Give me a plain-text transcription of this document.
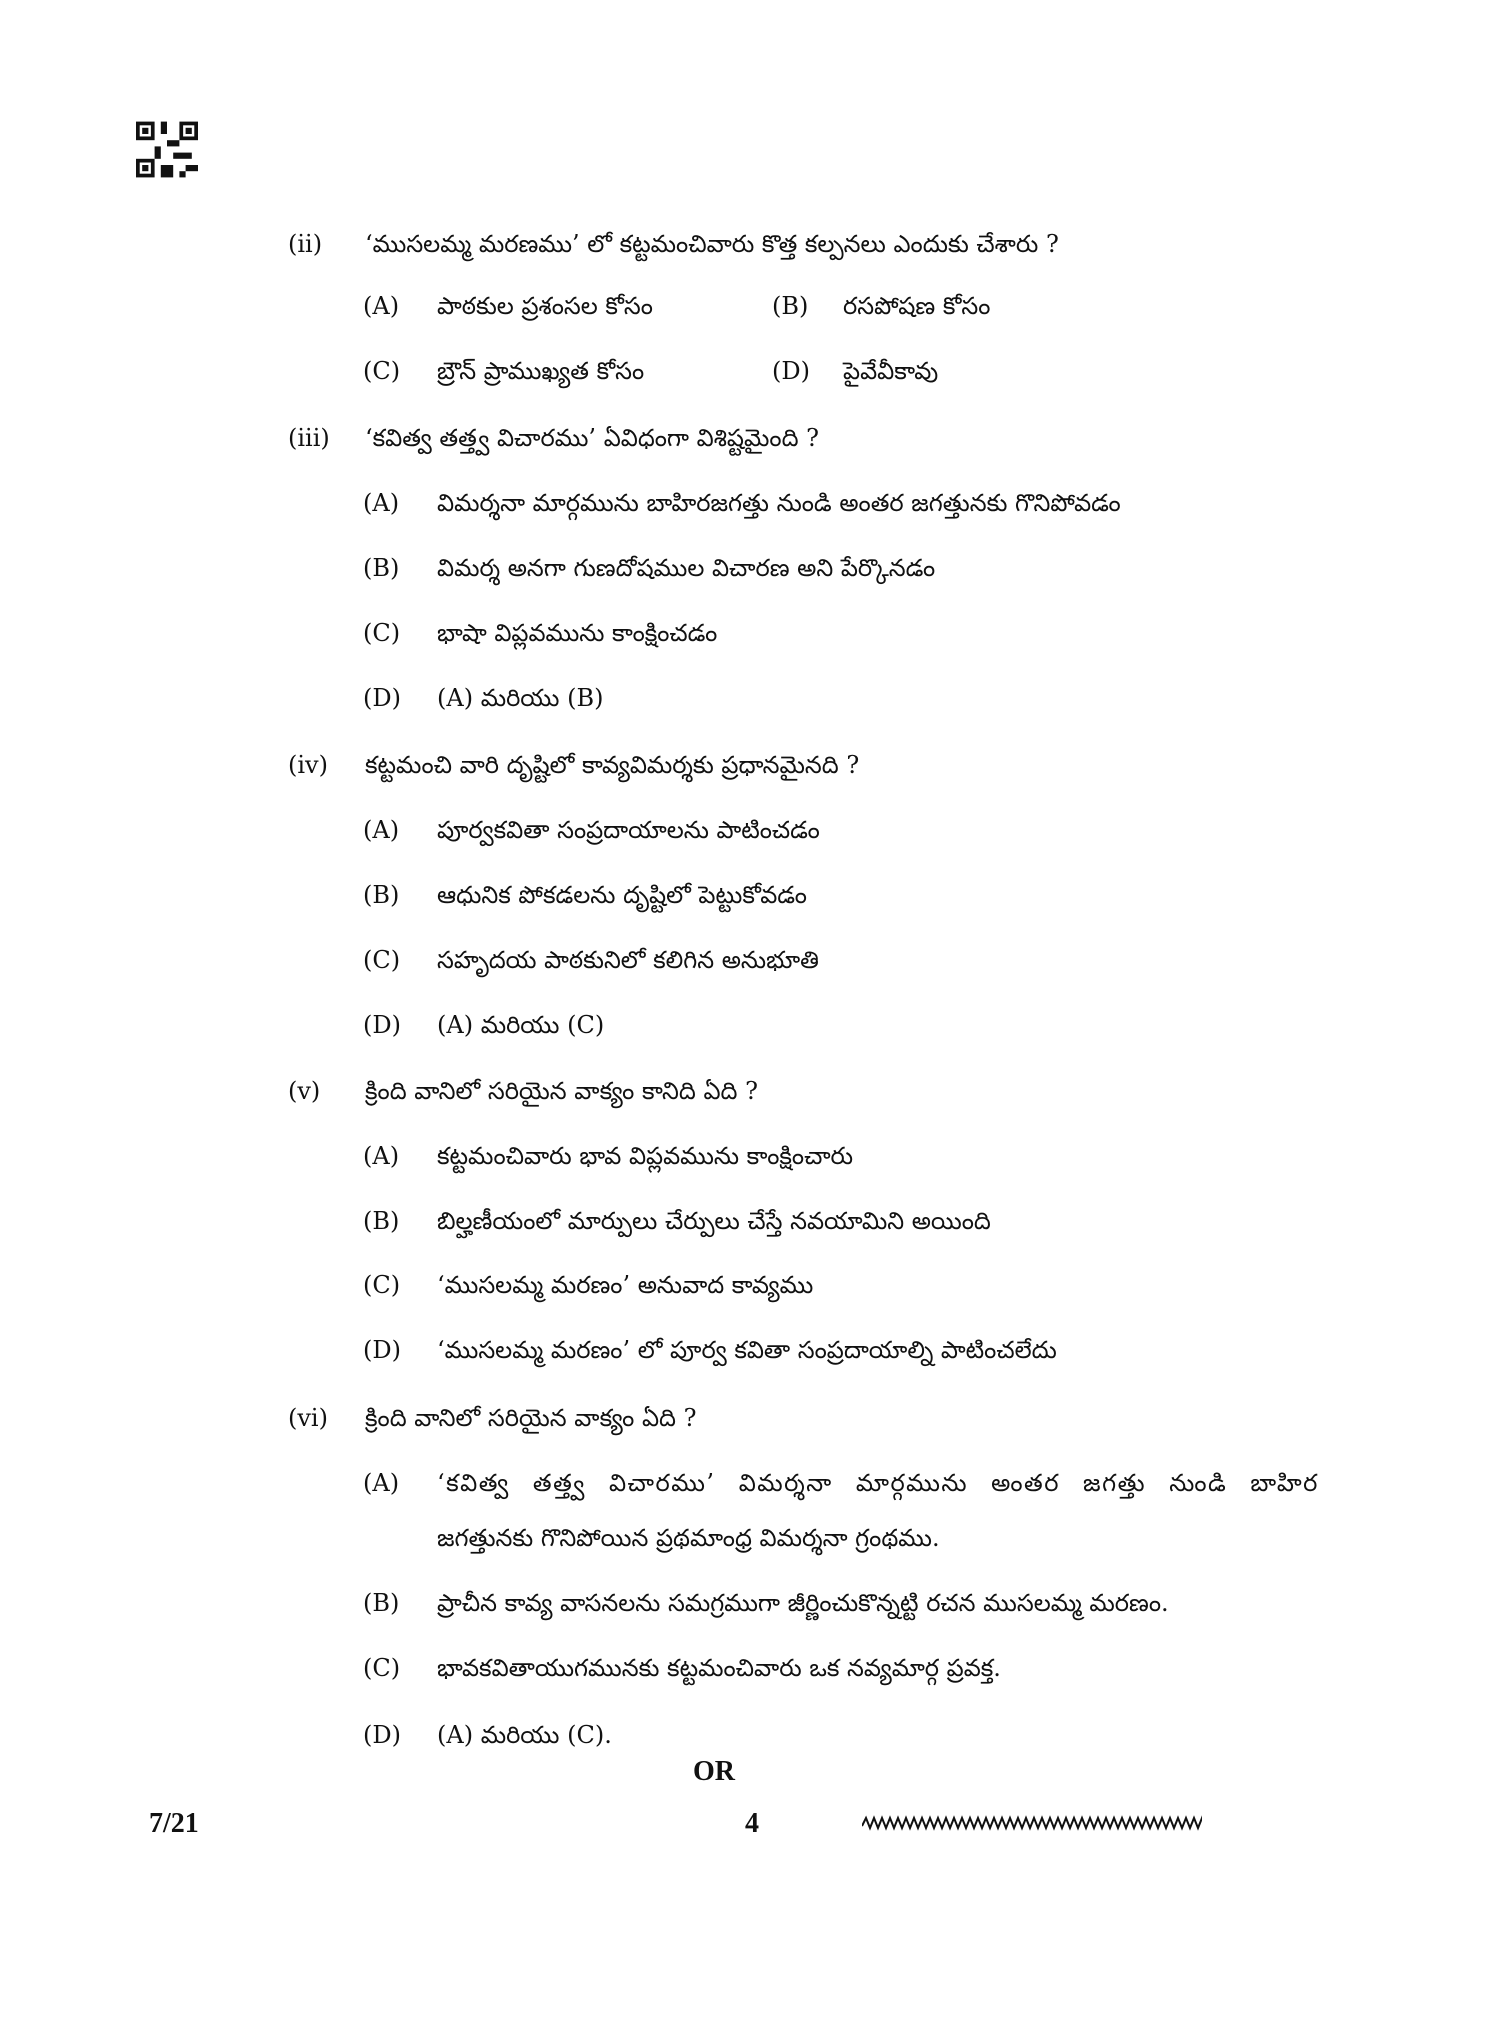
(ii) ‘ముసలమ్మ మరణము’ లో కట్టమంచివారు కొత్త కల్పనలు ఎందుకు చేశారు ?
(A) పాఠకుల ప్రశంసల కోసం	(B) రసపోషణ కోసం
(C) బ్రౌన్ ప్రాముఖ్యత కోసం	(D) పైవేవీకావు
(iii) ‘కవిత్వ తత్త్వ విచారము’ ఏవిధంగా విశిష్టమైంది ?
(A) విమర్శనా మార్గమును బాహిరజగత్తు నుండి అంతర జగత్తునకు గొనిపోవడం
(B) విమర్శ అనగా గుణదోషముల విచారణ అని పేర్కొనడం
(C) భాషా విప్లవమును కాంక్షించడం
(D) (A) మరియు (B)
(iv) కట్టమంచి వారి దృష్టిలో కావ్యవిమర్శకు ప్రధానమైనది ?
(A) పూర్వకవితా సంప్రదాయాలను పాటించడం
(B) ఆధునిక పోకడలను దృష్టిలో పెట్టుకోవడం
(C) సహృదయ పాఠకునిలో కలిగిన అనుభూతి
(D) (A) మరియు (C)
(v) క్రింది వానిలో సరియైన వాక్యం కానిది ఏది ?
(A) కట్టమంచివారు భావ విప్లవమును కాంక్షించారు
(B) బిల్హణీయంలో మార్పులు చేర్పులు చేస్తే నవయామిని అయింది
(C) ‘ముసలమ్మ మరణం’ అనువాద కావ్యము
(D) ‘ముసలమ్మ మరణం’ లో పూర్వ కవితా సంప్రదాయాల్ని పాటించలేదు
(vi) క్రింది వానిలో సరియైన వాక్యం ఏది ?
(A) ‘కవిత్వ తత్త్వ విచారము’ విమర్శనా మార్గమును అంతర జగత్తు నుండి బాహిర
జగత్తునకు గొనిపోయిన ప్రథమాంధ్ర విమర్శనా గ్రంథము.
(B) ప్రాచీన కావ్య వాసనలను సమగ్రముగా జీర్ణించుకొన్నట్టి రచన ముసలమ్మ మరణం.
(C) భావకవితాయుగమునకు కట్టమంచివారు ఒక నవ్యమార్గ ప్రవక్త.
(D) (A) మరియు (C).
OR
7/21	4
